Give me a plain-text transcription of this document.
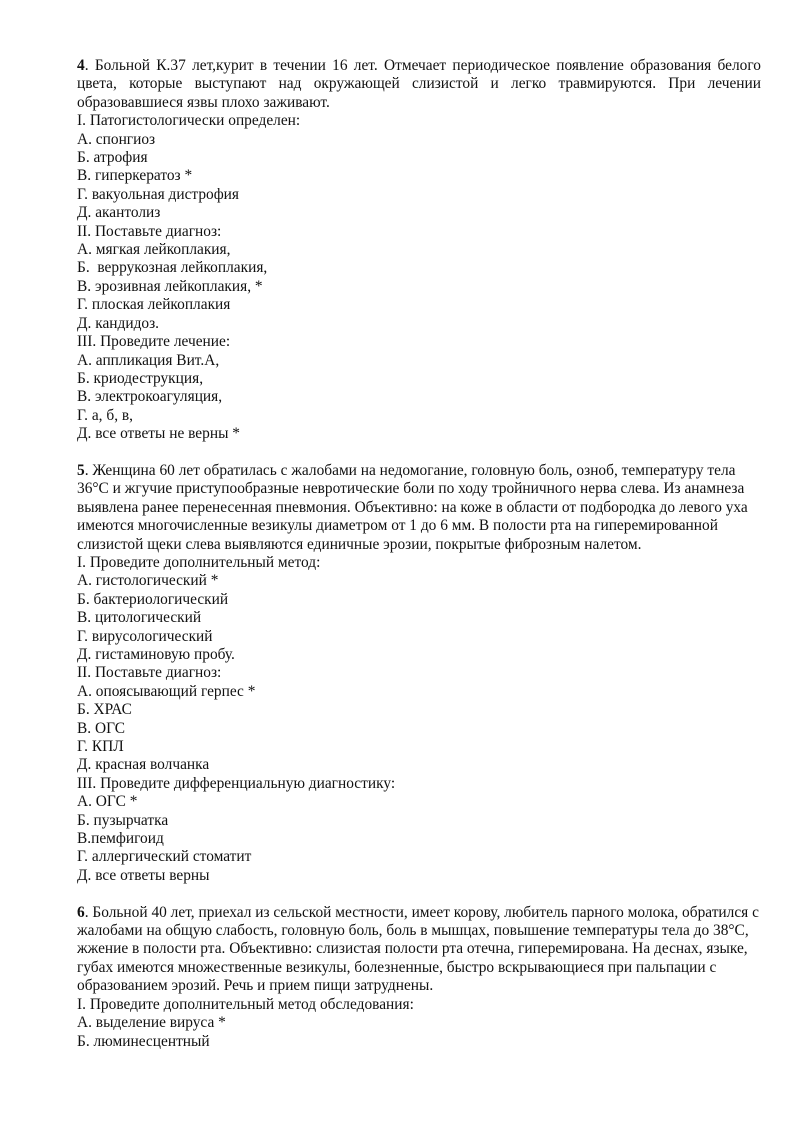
4. Больной К.37 лет,курит в течении 16 лет. Отмечает периодическое появление образования белого цвета, которые выступают над окружающей слизистой и легко травмируются. При лечении образовавшиеся язвы плохо заживают.

I. Патогистологически определен:

А. спонгиоз

Б. атрофия

В. гиперкератоз *

Г. вакуольная дистрофия

Д. акантолиз

II. Поставьте диагноз:

А. мягкая лейкоплакия,

Б.  веррукозная лейкоплакия,

В. эрозивная лейкоплакия, *

Г. плоская лейкоплакия

Д. кандидоз.

III. Проведите лечение:

А. аппликация Вит.А,

Б. криодеструкция,

В. электрокоагуляция,

Г. а, б, в,

Д. все ответы не верны *

5. Женщина 60 лет обратилась с жалобами на недомогание, головную боль, озноб, температуру тела 36°С и жгучие приступообразные невротические боли по ходу тройничного нерва слева. Из анамнеза выявлена ранее перенесенная пневмония. Объективно: на коже в области от подбородка до левого уха имеются многочисленные везикулы диаметром от 1 до 6 мм. В полости рта на гиперемированной слизистой щеки слева выявляются единичные эрозии, покрытые фиброзным налетом.

I. Проведите дополнительный метод:

А. гистологический *

Б. бактериологический

В. цитологический

Г. вирусологический

Д. гистаминовую пробу.

II. Поставьте диагноз:

А. опоясывающий герпес *

Б. ХРАС

В. ОГС

Г. КПЛ

Д. красная волчанка

III. Проведите дифференциальную диагностику:

А. ОГС *

Б. пузырчатка

В.пемфигоид

Г. аллергический стоматит

Д. все ответы верны

6. Больной 40 лет, приехал из сельской местности, имеет корову, любитель парного молока, обратился с жалобами на общую слабость, головную боль, боль в мышцах, повышение температуры тела до 38°С, жжение в полости рта. Объективно: слизистая полости рта отечна, гиперемирована. На деснах, языке, губах имеются множественные везикулы, болезненные, быстро вскрывающиеся при пальпации с образованием эрозий. Речь и прием пищи затруднены.

I. Проведите дополнительный метод обследования:

А. выделение вируса *

Б. люминесцентный
